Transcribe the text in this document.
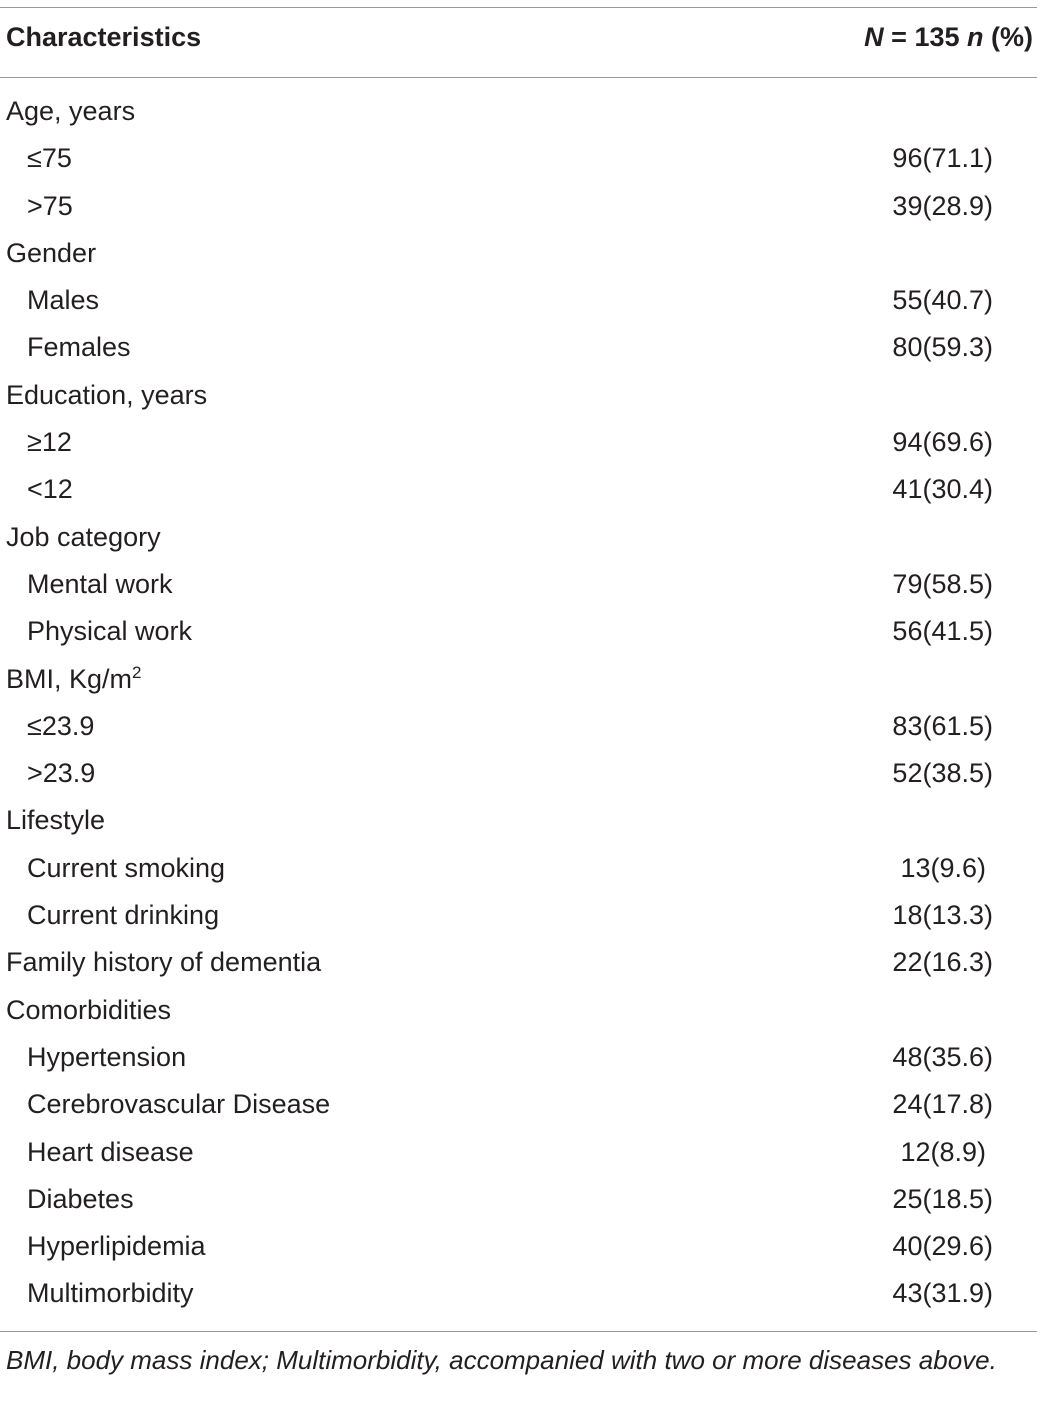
Characteristics	N = 135 n (%)
Age, years
≤75	96(71.1)
>75	39(28.9)
Gender
Males	55(40.7)
Females	80(59.3)
Education, years
≥12	94(69.6)
<12	41(30.4)
Job category
Mental work	79(58.5)
Physical work	56(41.5)
BMI, $Kg/m^2$
≤23.9	83(61.5)
>23.9	52(38.5)
Lifestyle
Current smoking	13(9.6)
Current drinking	18(13.3)
Family history of dementia	22(16.3)
Comorbidities
Hypertension	48(35.6)
Cerebrovascular Disease	24(17.8)
Heart disease	12(8.9)
Diabetes	25(18.5)
Hyperlipidemia	40(29.6)
Multimorbidity	43(31.9)
BMI, body mass index; Multimorbidity, accompanied with two or more diseases above.
